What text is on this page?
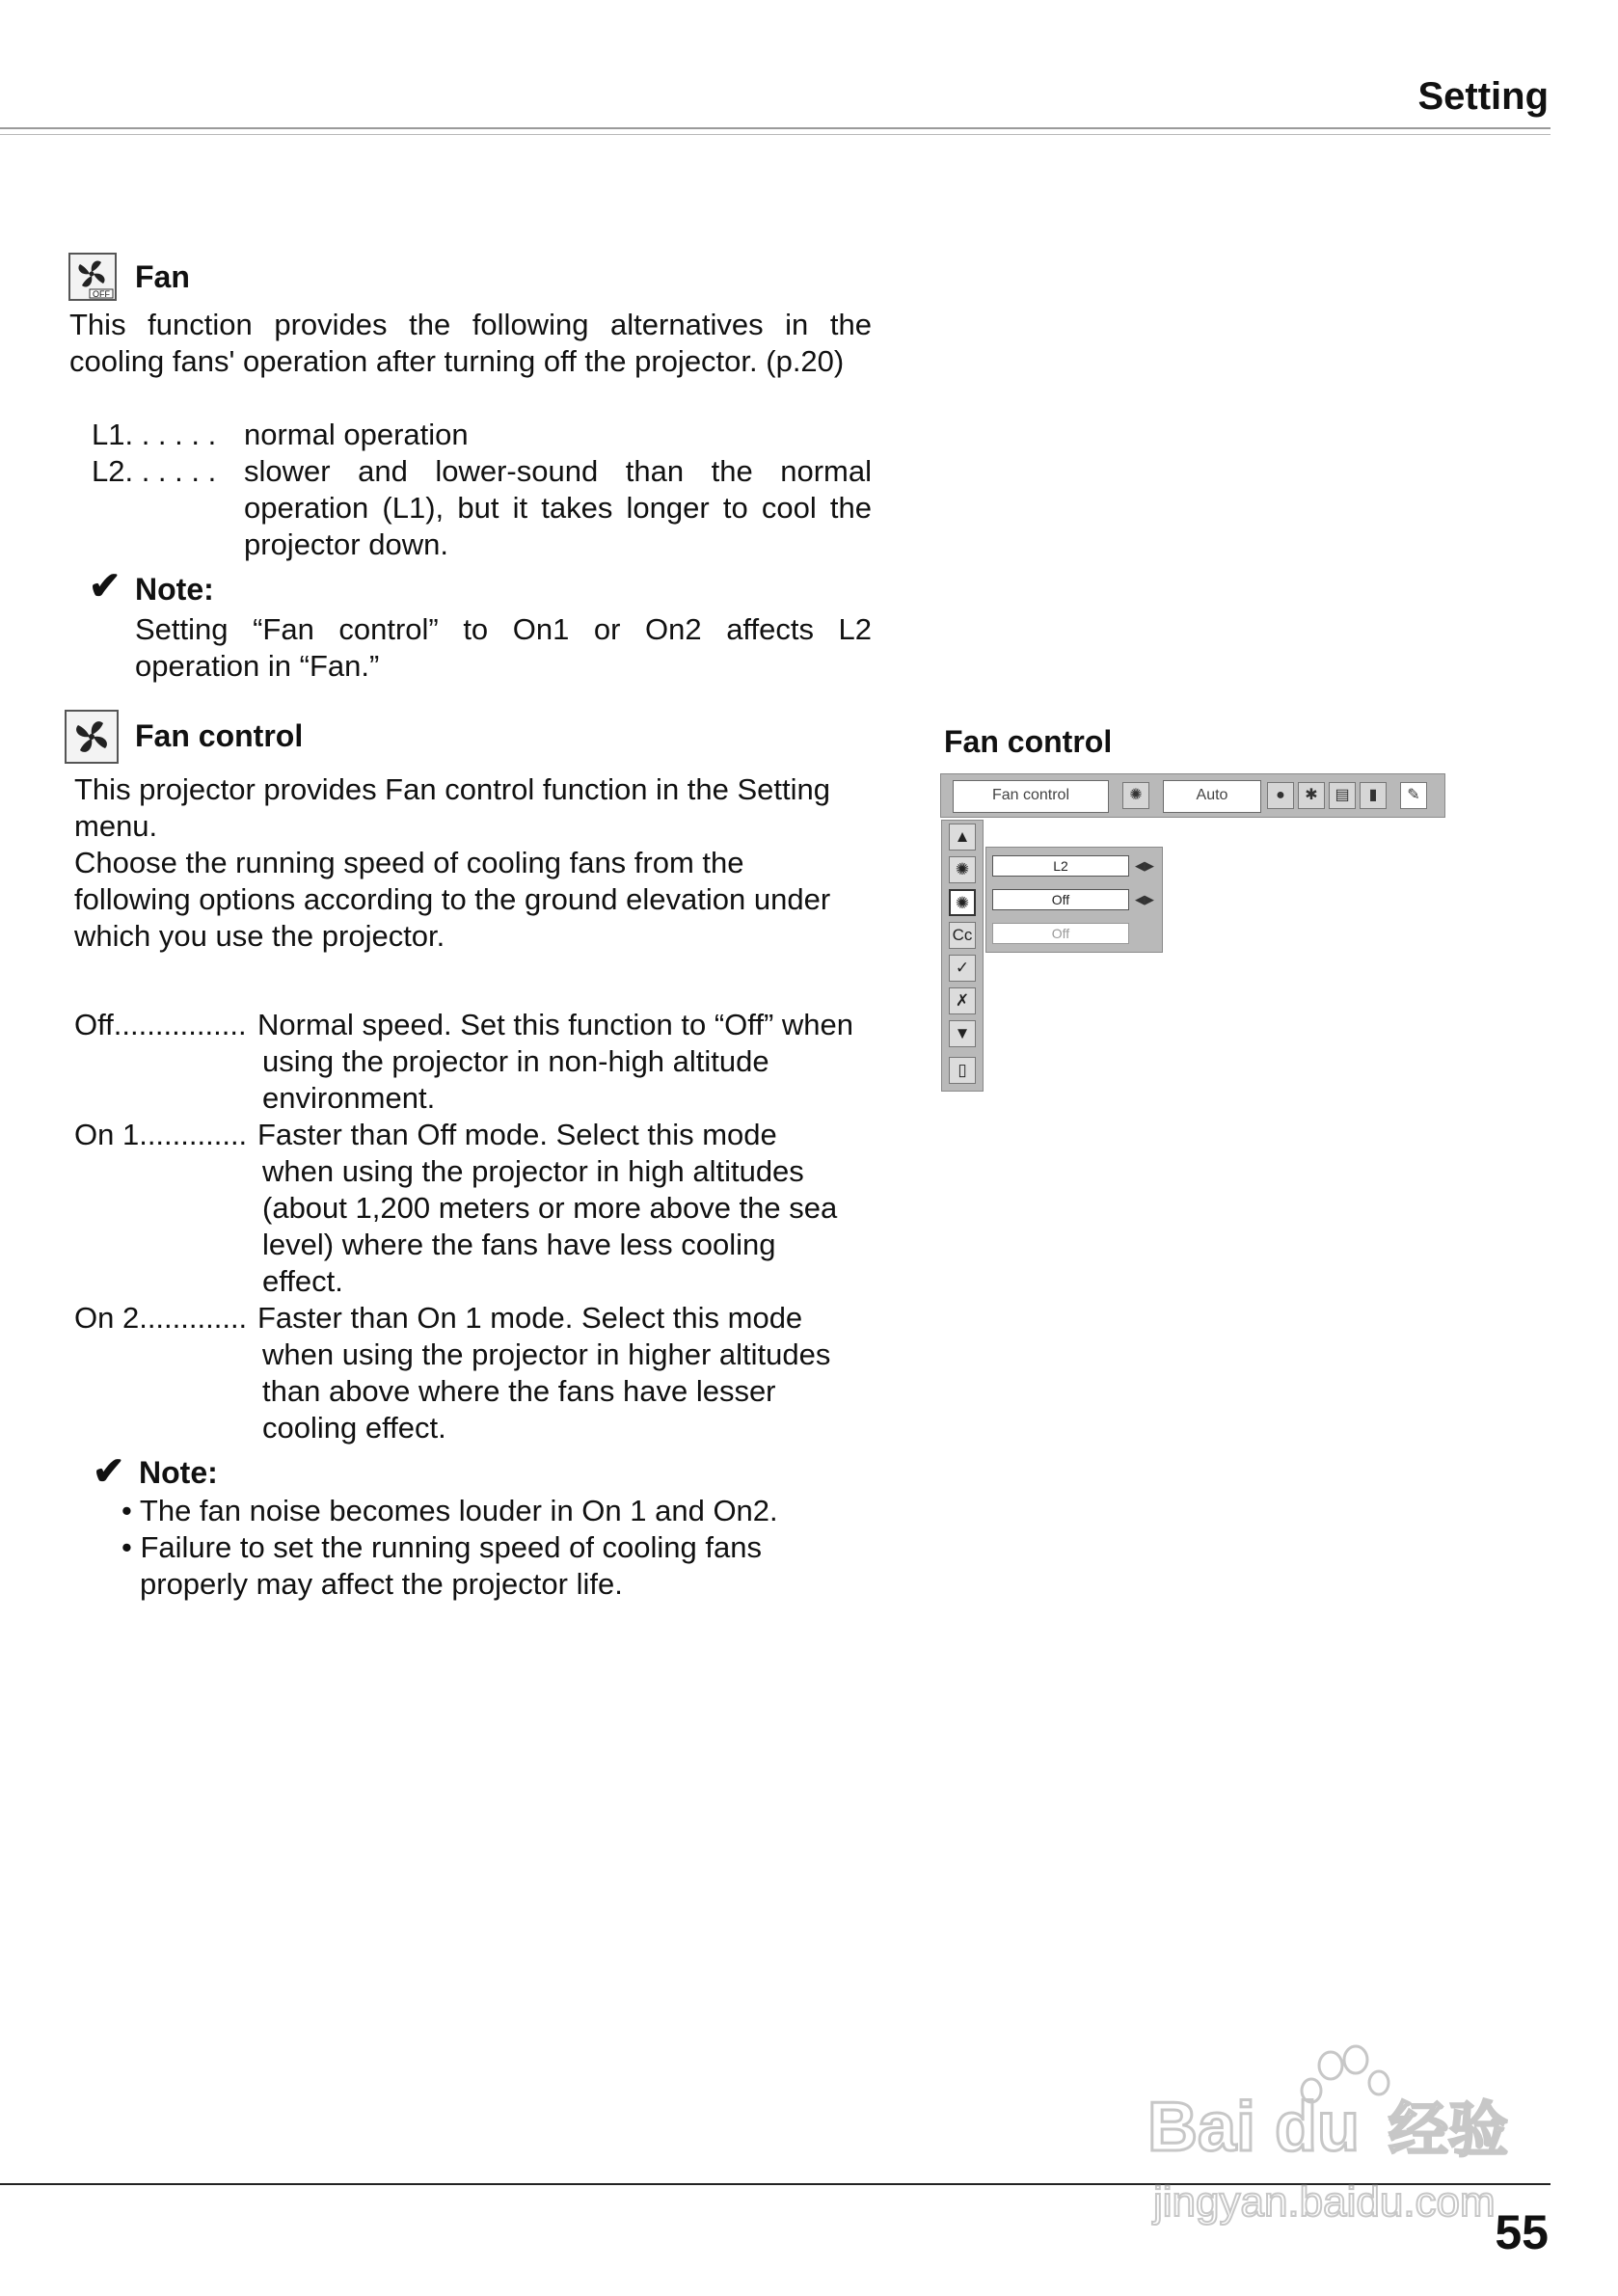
Setting
OFF Fan
This function provides the following alternatives in the
cooling fans' operation after turning off the projector. (p.20)
L1. . . . . . normal operation
L2. . . . . . slower and lower-sound than the normal
operation (L1), but it takes longer to cool the
projector down.
✔ Note:
Setting “Fan control” to On1 or On2 affects L2
operation in “Fan.”
Fan control
This projector provides Fan control function in the Setting
menu.
Choose the running speed of cooling fans from the
following options according to the ground elevation under
which you use the projector.
Off................ Normal speed. Set this function to “Off” when
using the projector in non-high altitude
environment.
On 1............. Faster than Off mode. Select this mode
when using the projector in high altitudes
(about 1,200 meters or more above the sea
level) where the fans have less cooling
effect.
On 2............. Faster than On 1 mode. Select this mode
when using the projector in higher altitudes
than above where the fans have lesser
cooling effect.
✔ Note:
• The fan noise becomes louder in On 1 and On2.
• Failure to set the running speed of cooling fans
properly may affect the projector life.
Fan control
Fan control	✺	Auto	●	✱	▤	▮	✎
▲
✺
✺
Cc
✓
✗
▼
▯
L2	◀▶
Off	◀▶
Off
55
Bai du 经验
jingyan.baidu.com
